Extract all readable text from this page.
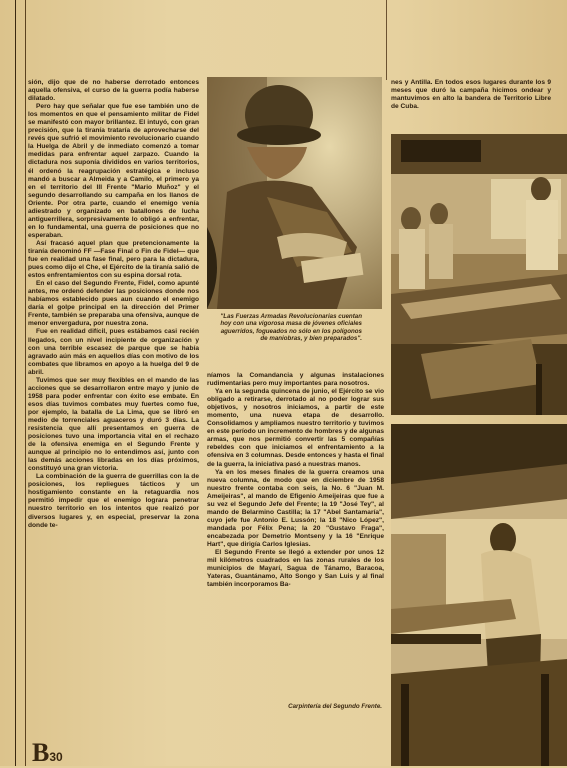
sión, dijo que de no haberse derrotado entonces aquella ofensiva, el curso de la guerra podía haberse dilatado.

Pero hay que señalar que fue ese también uno de los momentos en que el pensamiento militar de Fidel se manifestó con mayor brillantez. El intuyó, con gran precisión, que la tiranía trataría de aprovecharse del revés que sufrió el movimiento revolucionario cuando la Huelga de Abril y de inmediato comenzó a tomar medidas para enfrentar aquel zarpazo. Cuando la dictadura nos suponía divididos en varios territorios, él ordenó la reagrupación estratégica e incluso mandó a buscar a Almeida y a Camilo, el primero ya en el territorio del III Frente "Mario Muñoz" y el segundo desarrollando su campaña en los llanos de Oriente. Por otra parte, cuando el enemigo venía adiestrado y organizado en batallones de lucha antiguerrillera, sorpresivamente lo obligó a enfrentar, en lo fundamental, una guerra de posiciones que no esperaban.

Así fracasó aquel plan que pretencionamente la tiranía denominó FF —Fase Final o Fin de Fidel— que fue en realidad una fase final, pero para la dictadura, pues como dijo el Che, el Ejército de la tiranía salió de estos enfrentamientos con su espina dorsal rota.

En el caso del Segundo Frente, Fidel, como apunté antes, me ordenó defender las posiciones donde nos habíamos establecido pues aun cuando el enemigo daría el golpe principal en la dirección del Primer Frente, también se preparaba una ofensiva, aunque de menor envergadura, por nuestra zona.

Fue en realidad difícil, pues estábamos casi recién llegados, con un nivel incipiente de organización y con una terrible escasez de parque que se había agravado aún más en aquellos días con motivo de los combates que libramos en apoyo a la huelga del 9 de abril.

Tuvimos que ser muy flexibles en el mando de las acciones que se desarrollaron entre mayo y junio de 1958 para poder enfrentar con éxito ese embate. En esos días tuvimos combates muy fuertes como fue, por ejemplo, la batalla de La Lima, que se libró en medio de torrenciales aguaceros y duró 3 días. La resistencia que allí presentamos en guerra de posiciones tuvo una importancia vital en el rechazo de la ofensiva enemiga en el Segundo Frente y aunque al principio no lo entendimos así, junto con las demás acciones libradas en los días próximos, constituyó una gran victoria.

La combinación de la guerra de guerrillas con la de posiciones, los repliegues tácticos y un hostigamiento constante en la retaguardia nos permitió impedir que el enemigo lograra penetrar nuestro territorio en los intentos que realizó por diversos lugares y, en especial, preservar la zona donde te-

"Las Fuerzas Armadas Revolucionarias cuentan hoy con una vigorosa masa de jóvenes oficiales aguerridos, fogueados no sólo en los polígonos de maniobras, y bien preparados".

níamos la Comandancia y algunas instalaciones rudimentarias pero muy importantes para nosotros.

Ya en la segunda quincena de junio, el Ejército se vio obligado a retirarse, derrotado al no poder lograr sus objetivos, y nosotros iniciamos, a partir de este momento, una nueva etapa de desarrollo. Consolidamos y ampliamos nuestro territorio y tuvimos en este período un incremento de hombres y de algunas armas, que nos permitió convertir las 5 compañías rebeldes con que iniciamos el enfrentamiento a la ofensiva en 3 columnas. Desde entonces y hasta el final de la guerra, la iniciativa pasó a nuestras manos.

Ya en los meses finales de la guerra creamos una nueva columna, de modo que en diciembre de 1958 nuestro frente contaba con seis, la No. 6 "Juan M. Ameijeiras", al mando de Efigenio Ameijeiras que fue a su vez el Segundo Jefe del Frente; la 19 "José Tey", al mando de Belarmino Castilla; la 17 "Abel Santamaría", cuyo jefe fue Antonio E. Lussón; la 18 "Nico López", mandada por Félix Pena; la 20 "Gustavo Fraga", encabezada por Demetrio Montseny y la 16 "Enrique Hart", que dirigía Carlos Iglesias.

El Segundo Frente se llegó a extender por unos 12 mil kilómetros cuadrados en las zonas rurales de los municipios de Mayarí, Sagua de Tánamo, Baracoa, Yateras, Guantánamo, Alto Songo y San Luis y al final también incorporamos Ba-

Carpintería del Segundo Frente.

nes y Antilla. En todos esos lugares durante los 9 meses que duró la campaña hicimos ondear y mantuvimos en alto la bandera de Territorio Libre de Cuba.

B30
